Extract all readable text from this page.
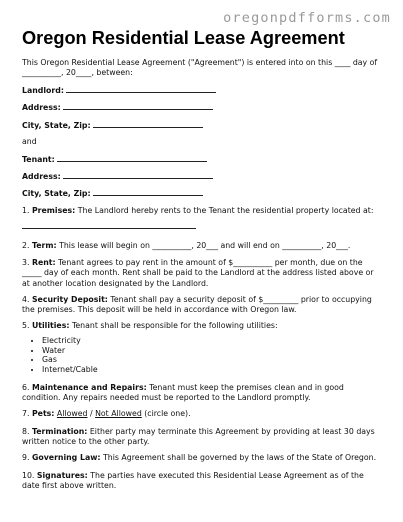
oregonpdfforms.com
Oregon Residential Lease Agreement
This Oregon Residential Lease Agreement ("Agreement") is entered into on this ____ day of
__________, 20____, between:
Landlord:
Address:
City, State, Zip:
and
Tenant:
Address:
City, State, Zip:
1. Premises: The Landlord hereby rents to the Tenant the residential property located at:
2. Term: This lease will begin on __________, 20___ and will end on __________, 20___.
3. Rent: Tenant agrees to pay rent in the amount of $__________ per month, due on the
_____ day of each month. Rent shall be paid to the Landlord at the address listed above or
at another location designated by the Landlord.
4. Security Deposit: Tenant shall pay a security deposit of $_________ prior to occupying
the premises. This deposit will be held in accordance with Oregon law.
5. Utilities: Tenant shall be responsible for the following utilities:
• Electricity
• Water
• Gas
• Internet/Cable
6. Maintenance and Repairs: Tenant must keep the premises clean and in good
condition. Any repairs needed must be reported to the Landlord promptly.
7. Pets: Allowed / Not Allowed (circle one).
8. Termination: Either party may terminate this Agreement by providing at least 30 days
written notice to the other party.
9. Governing Law: This Agreement shall be governed by the laws of the State of Oregon.
10. Signatures: The parties have executed this Residential Lease Agreement as of the
date first above written.
